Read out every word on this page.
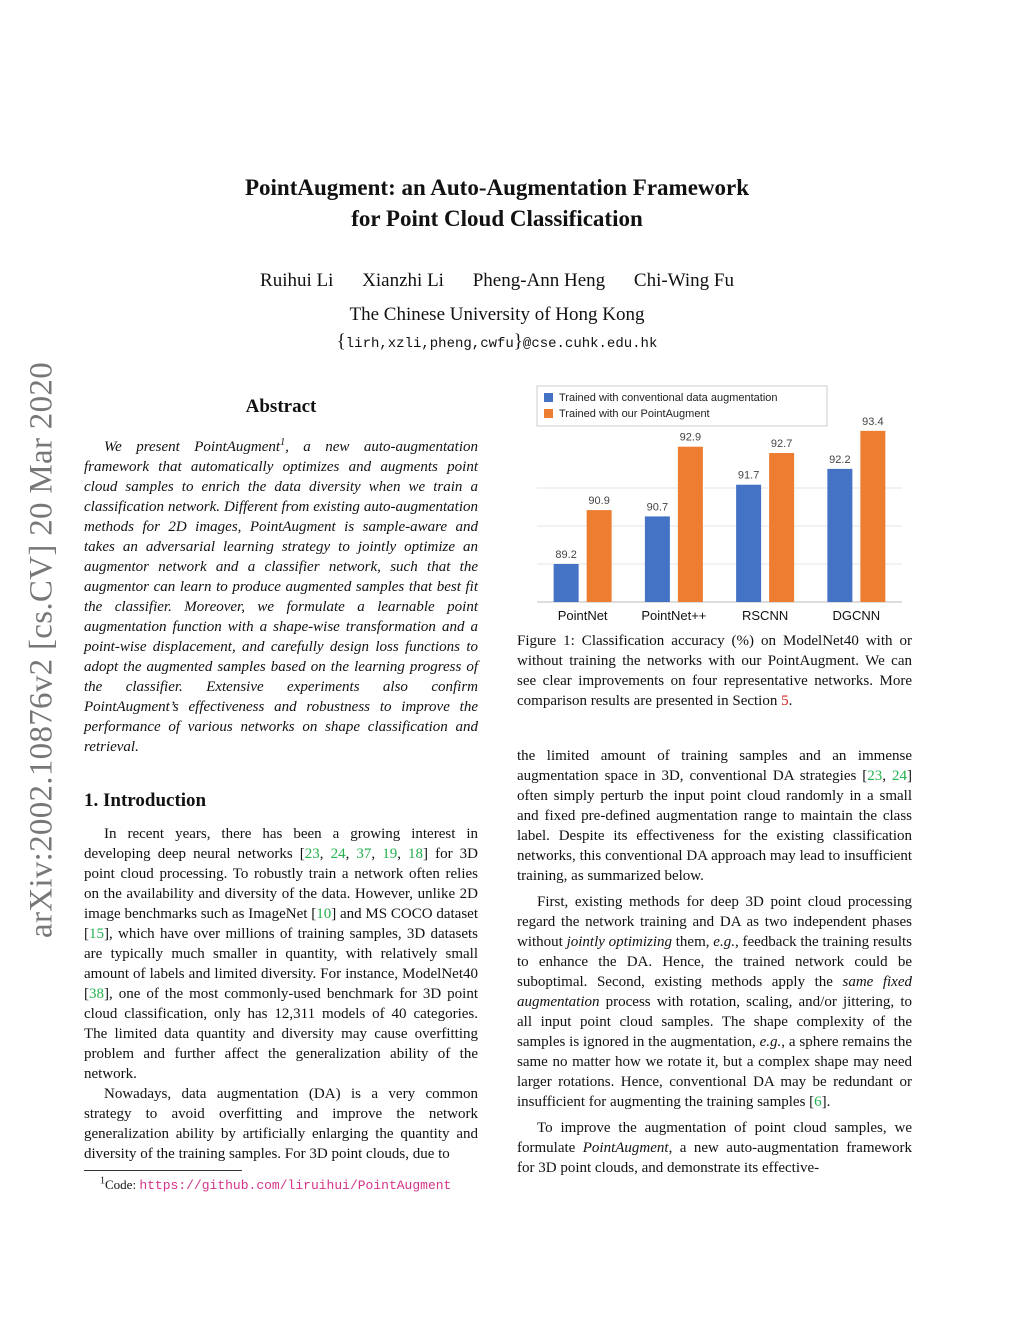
arXiv:2002.10876v2 [cs.CV] 20 Mar 2020
PointAugment: an Auto-Augmentation Framework
for Point Cloud Classification
Ruihui Li Xianzhi Li Pheng-Ann Heng Chi-Wing Fu
The Chinese University of Hong Kong
{lirh,xzli,pheng,cwfu}@cse.cuhk.edu.hk
Abstract

We present PointAugment$^1$, a new auto-augmentation framework that automatically optimizes and augments point cloud samples to enrich the data diversity when we train a classification network. Different from existing auto-augmentation methods for 2D images, PointAugment is sample-aware and takes an adversarial learning strategy to jointly optimize an augmentor network and a classifier network, such that the augmentor can learn to produce augmented samples that best fit the classifier. Moreover, we formulate a learnable point augmentation function with a shape-wise transformation and a point-wise displacement, and carefully design loss functions to adopt the augmented samples based on the learning progress of the classifier. Extensive experiments also confirm PointAugment’s effectiveness and robustness to improve the performance of various networks on shape classification and retrieval.

1. Introduction

In recent years, there has been a growing interest in developing deep neural networks [23, 24, 37, 19, 18] for 3D point cloud processing. To robustly train a network often relies on the availability and diversity of the data. However, unlike 2D image benchmarks such as ImageNet [10] and MS COCO dataset [15], which have over millions of training samples, 3D datasets are typically much smaller in quantity, with relatively small amount of labels and limited diversity. For instance, ModelNet40 [38], one of the most commonly-used benchmark for 3D point cloud classification, only has 12,311 models of 40 categories. The limited data quantity and diversity may cause overfitting problem and further affect the generalization ability of the network.

Nowadays, data augmentation (DA) is a very common strategy to avoid overfitting and improve the network generalization ability by artificially enlarging the quantity and diversity of the training samples. For 3D point clouds, due to

$^1$Code: https://github.com/liruihui/PointAugment
89.2
90.9
PointNet
90.7
92.9
PointNet++
91.7
92.7
RSCNN
92.2
93.4
DGCNN
Trained with conventional data augmentation
Trained with our PointAugment
Figure 1: Classification accuracy (%) on ModelNet40 with or without training the networks with our PointAugment. We can see clear improvements on four representative networks. More comparison results are presented in Section 5.

the limited amount of training samples and an immense augmentation space in 3D, conventional DA strategies [23, 24] often simply perturb the input point cloud randomly in a small and fixed pre-defined augmentation range to maintain the class label. Despite its effectiveness for the existing classification networks, this conventional DA approach may lead to insufficient training, as summarized below.

First, existing methods for deep 3D point cloud processing regard the network training and DA as two independent phases without jointly optimizing them, e.g., feedback the training results to enhance the DA. Hence, the trained network could be suboptimal. Second, existing methods apply the same fixed augmentation process with rotation, scaling, and/or jittering, to all input point cloud samples. The shape complexity of the samples is ignored in the augmentation, e.g., a sphere remains the same no matter how we rotate it, but a complex shape may need larger rotations. Hence, conventional DA may be redundant or insufficient for augmenting the training samples [6].

To improve the augmentation of point cloud samples, we formulate PointAugment, a new auto-augmentation framework for 3D point clouds, and demonstrate its effective-
